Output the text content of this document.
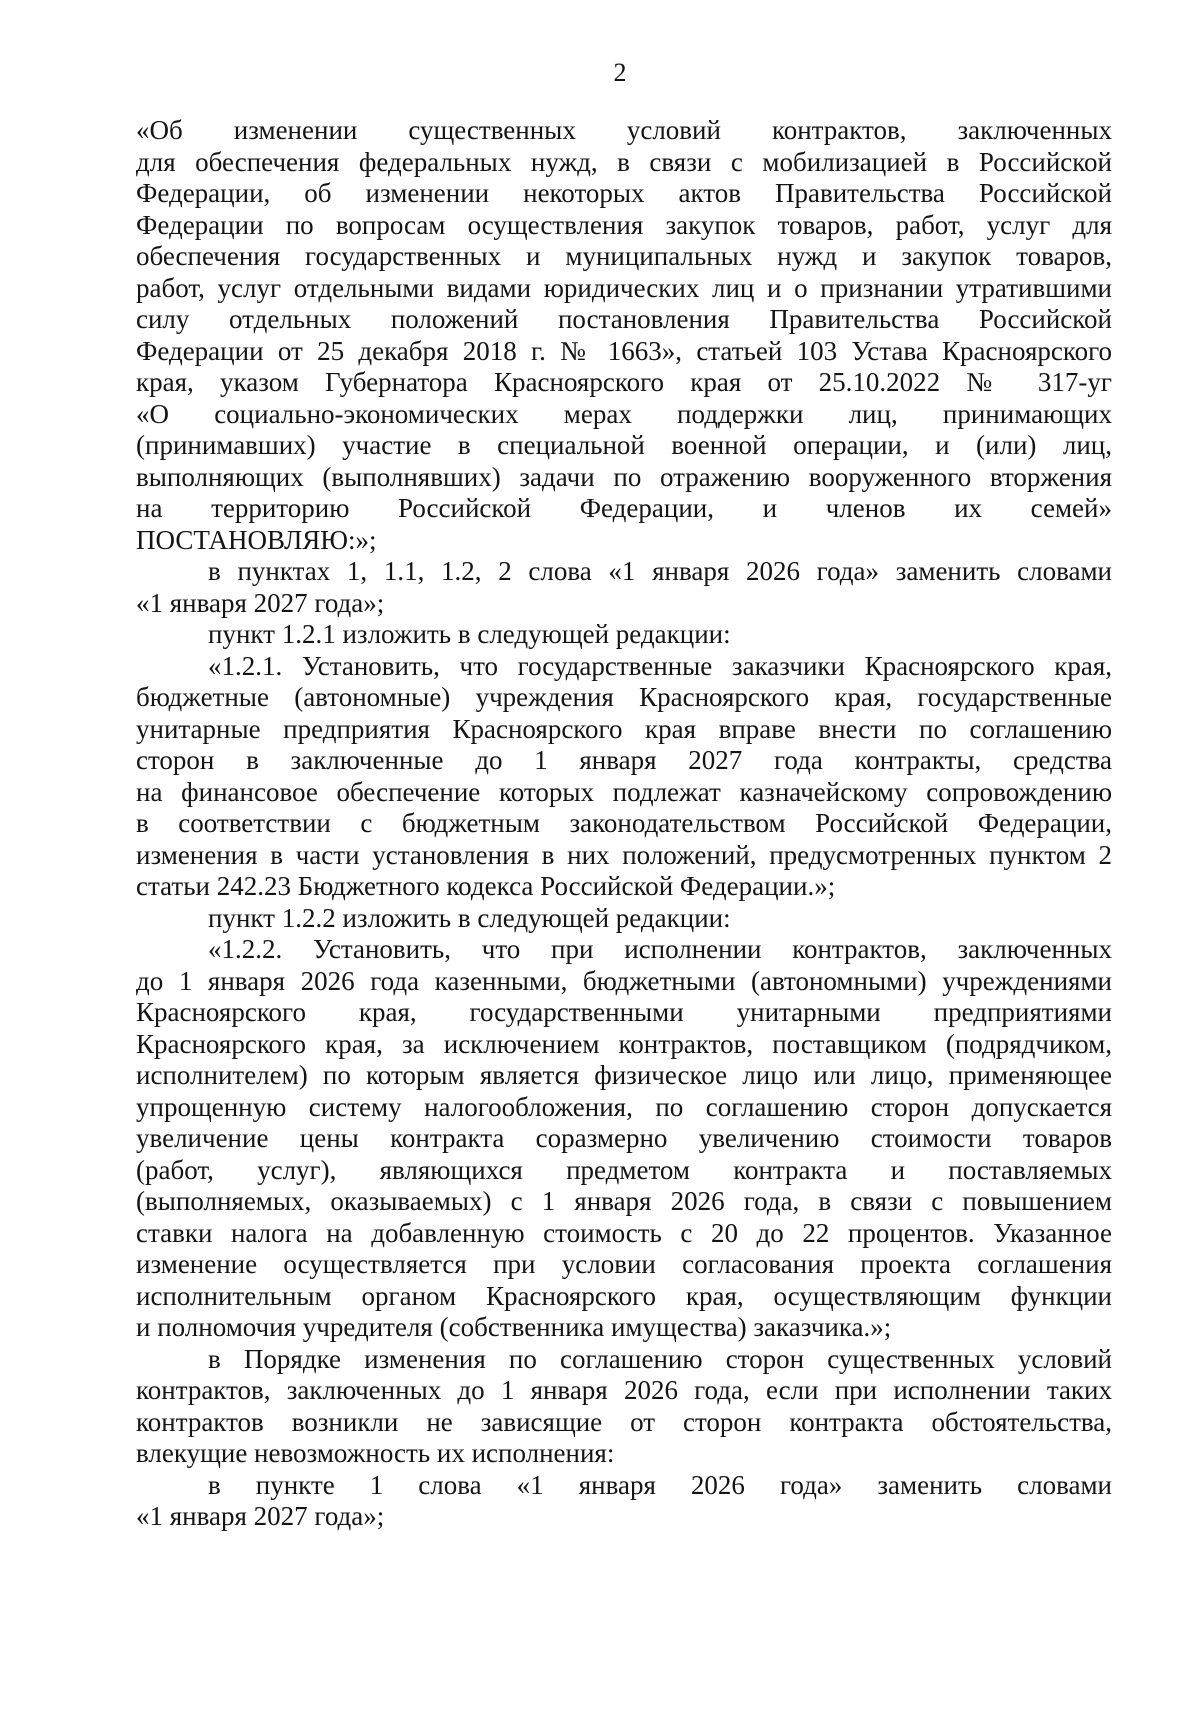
2
«Об изменении существенных условий контрактов, заключенных
для обеспечения федеральных нужд, в связи с мобилизацией в Российской
Федерации, об изменении некоторых актов Правительства Российской
Федерации по вопросам осуществления закупок товаров, работ, услуг для
обеспечения государственных и муниципальных нужд и закупок товаров,
работ, услуг отдельными видами юридических лиц и о признании утратившими
силу отдельных положений постановления Правительства Российской
Федерации от 25 декабря 2018 г. № 1663», статьей 103 Устава Красноярского
края, указом Губернатора Красноярского края от 25.10.2022 № 317-уг
«О социально-экономических мерах поддержки лиц, принимающих
(принимавших) участие в специальной военной операции, и (или) лиц,
выполняющих (выполнявших) задачи по отражению вооруженного вторжения
на территорию Российской Федерации, и членов их семей»
ПОСТАНОВЛЯЮ:»;
в пунктах 1, 1.1, 1.2, 2 слова «1 января 2026 года» заменить словами
«1 января 2027 года»;
пункт 1.2.1 изложить в следующей редакции:
«1.2.1. Установить, что государственные заказчики Красноярского края,
бюджетные (автономные) учреждения Красноярского края, государственные
унитарные предприятия Красноярского края вправе внести по соглашению
сторон в заключенные до 1 января 2027 года контракты, средства
на финансовое обеспечение которых подлежат казначейскому сопровождению
в соответствии с бюджетным законодательством Российской Федерации,
изменения в части установления в них положений, предусмотренных пунктом 2
статьи 242.23 Бюджетного кодекса Российской Федерации.»;
пункт 1.2.2 изложить в следующей редакции:
«1.2.2. Установить, что при исполнении контрактов, заключенных
до 1 января 2026 года казенными, бюджетными (автономными) учреждениями
Красноярского края, государственными унитарными предприятиями
Красноярского края, за исключением контрактов, поставщиком (подрядчиком,
исполнителем) по которым является физическое лицо или лицо, применяющее
упрощенную систему налогообложения, по соглашению сторон допускается
увеличение цены контракта соразмерно увеличению стоимости товаров
(работ, услуг), являющихся предметом контракта и поставляемых
(выполняемых, оказываемых) с 1 января 2026 года, в связи с повышением
ставки налога на добавленную стоимость с 20 до 22 процентов. Указанное
изменение осуществляется при условии согласования проекта соглашения
исполнительным органом Красноярского края, осуществляющим функции
и полномочия учредителя (собственника имущества) заказчика.»;
в Порядке изменения по соглашению сторон существенных условий
контрактов, заключенных до 1 января 2026 года, если при исполнении таких
контрактов возникли не зависящие от сторон контракта обстоятельства,
влекущие невозможность их исполнения:
в пункте 1 слова «1 января 2026 года» заменить словами
«1 января 2027 года»;
